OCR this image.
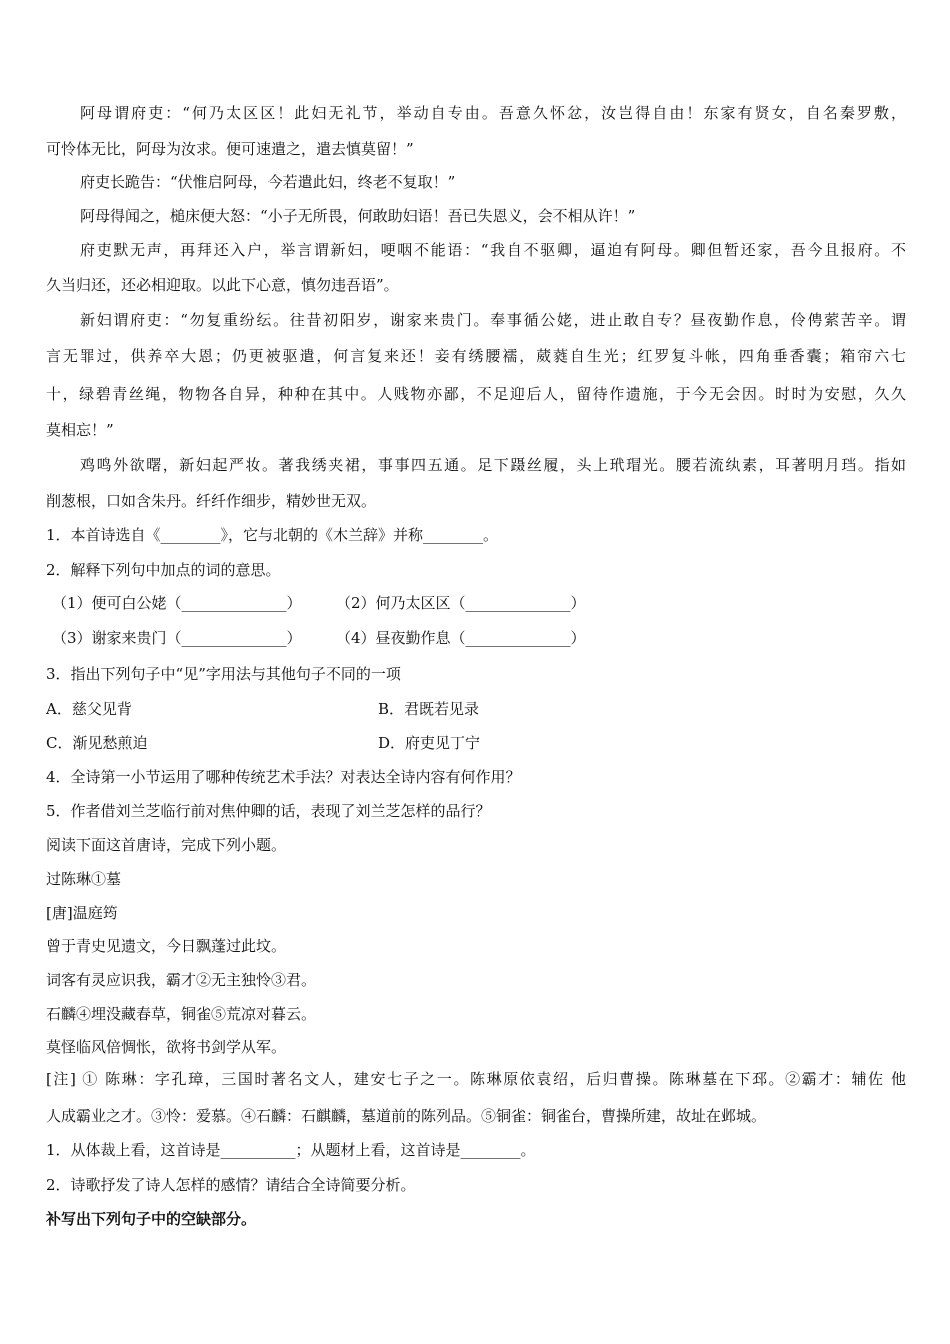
阿母谓府吏：“何乃太区区！此妇无礼节，举动自专由。吾意久怀忿，汝岂得自由！东家有贤女，自名秦罗敷，
可怜体无比，阿母为汝求。便可速遣之，遣去慎莫留！”
府吏长跪告：“伏惟启阿母，今若遣此妇，终老不复取！”
阿母得闻之，槌床便大怒：“小子无所畏，何敢助妇语！吾已失恩义，会不相从许！”
府吏默无声，再拜还入户，举言谓新妇，哽咽不能语：“我自不驱卿，逼迫有阿母。卿但暂还家，吾今且报府。不
久当归还，还必相迎取。以此下心意，慎勿违吾语”。
新妇谓府吏：“勿复重纷纭。往昔初阳岁，谢家来贵门。奉事循公姥，进止敢自专？昼夜勤作息，伶俜萦苦辛。谓
言无罪过，供养卒大恩；仍更被驱遣，何言复来还！妾有绣腰襦，葳蕤自生光；红罗复斗帐，四角垂香囊；箱帘六七
十，绿碧青丝绳，物物各自异，种种在其中。人贱物亦鄙，不足迎后人，留待作遗施，于今无会因。时时为安慰，久久
莫相忘！”
鸡鸣外欲曙，新妇起严妆。著我绣夹裙，事事四五通。足下蹑丝履，头上玳瑁光。腰若流纨素，耳著明月珰。指如
削葱根，口如含朱丹。纤纤作细步，精妙世无双。
1．本首诗选自《________》，它与北朝的《木兰辞》并称________。
2．解释下列句中加点的词的意思。
（1）便可白公姥（______________） （2）何乃太区区（______________）
（3）谢家来贵门（______________） （4）昼夜勤作息（______________）
3．指出下列句子中“见”字用法与其他句子不同的一项
A．慈父见背	B．君既若见录
C．渐见愁煎迫	D．府吏见丁宁
4．全诗第一小节运用了哪种传统艺术手法？对表达全诗内容有何作用？
5．作者借刘兰芝临行前对焦仲卿的话，表现了刘兰芝怎样的品行？
阅读下面这首唐诗，完成下列小题。
过陈琳①墓
[唐]温庭筠
曾于青史见遗文，今日飘蓬过此坟。
词客有灵应识我，霸才②无主独怜③君。
石麟④埋没藏春草，铜雀⑤荒凉对暮云。
莫怪临风倍惆怅，欲将书剑学从军。
[注] ① 陈琳：字孔璋，三国时著名文人，建安七子之一。陈琳原依袁绍，后归曹操。陈琳墓在下邳。②霸才：辅佐 他
人成霸业之才。③怜：爱慕。④石麟：石麒麟，墓道前的陈列品。⑤铜雀：铜雀台，曹操所建，故址在邺城。
1．从体裁上看，这首诗是__________；从题材上看，这首诗是________。
2．诗歌抒发了诗人怎样的感情？请结合全诗简要分析。
补写出下列句子中的空缺部分。
